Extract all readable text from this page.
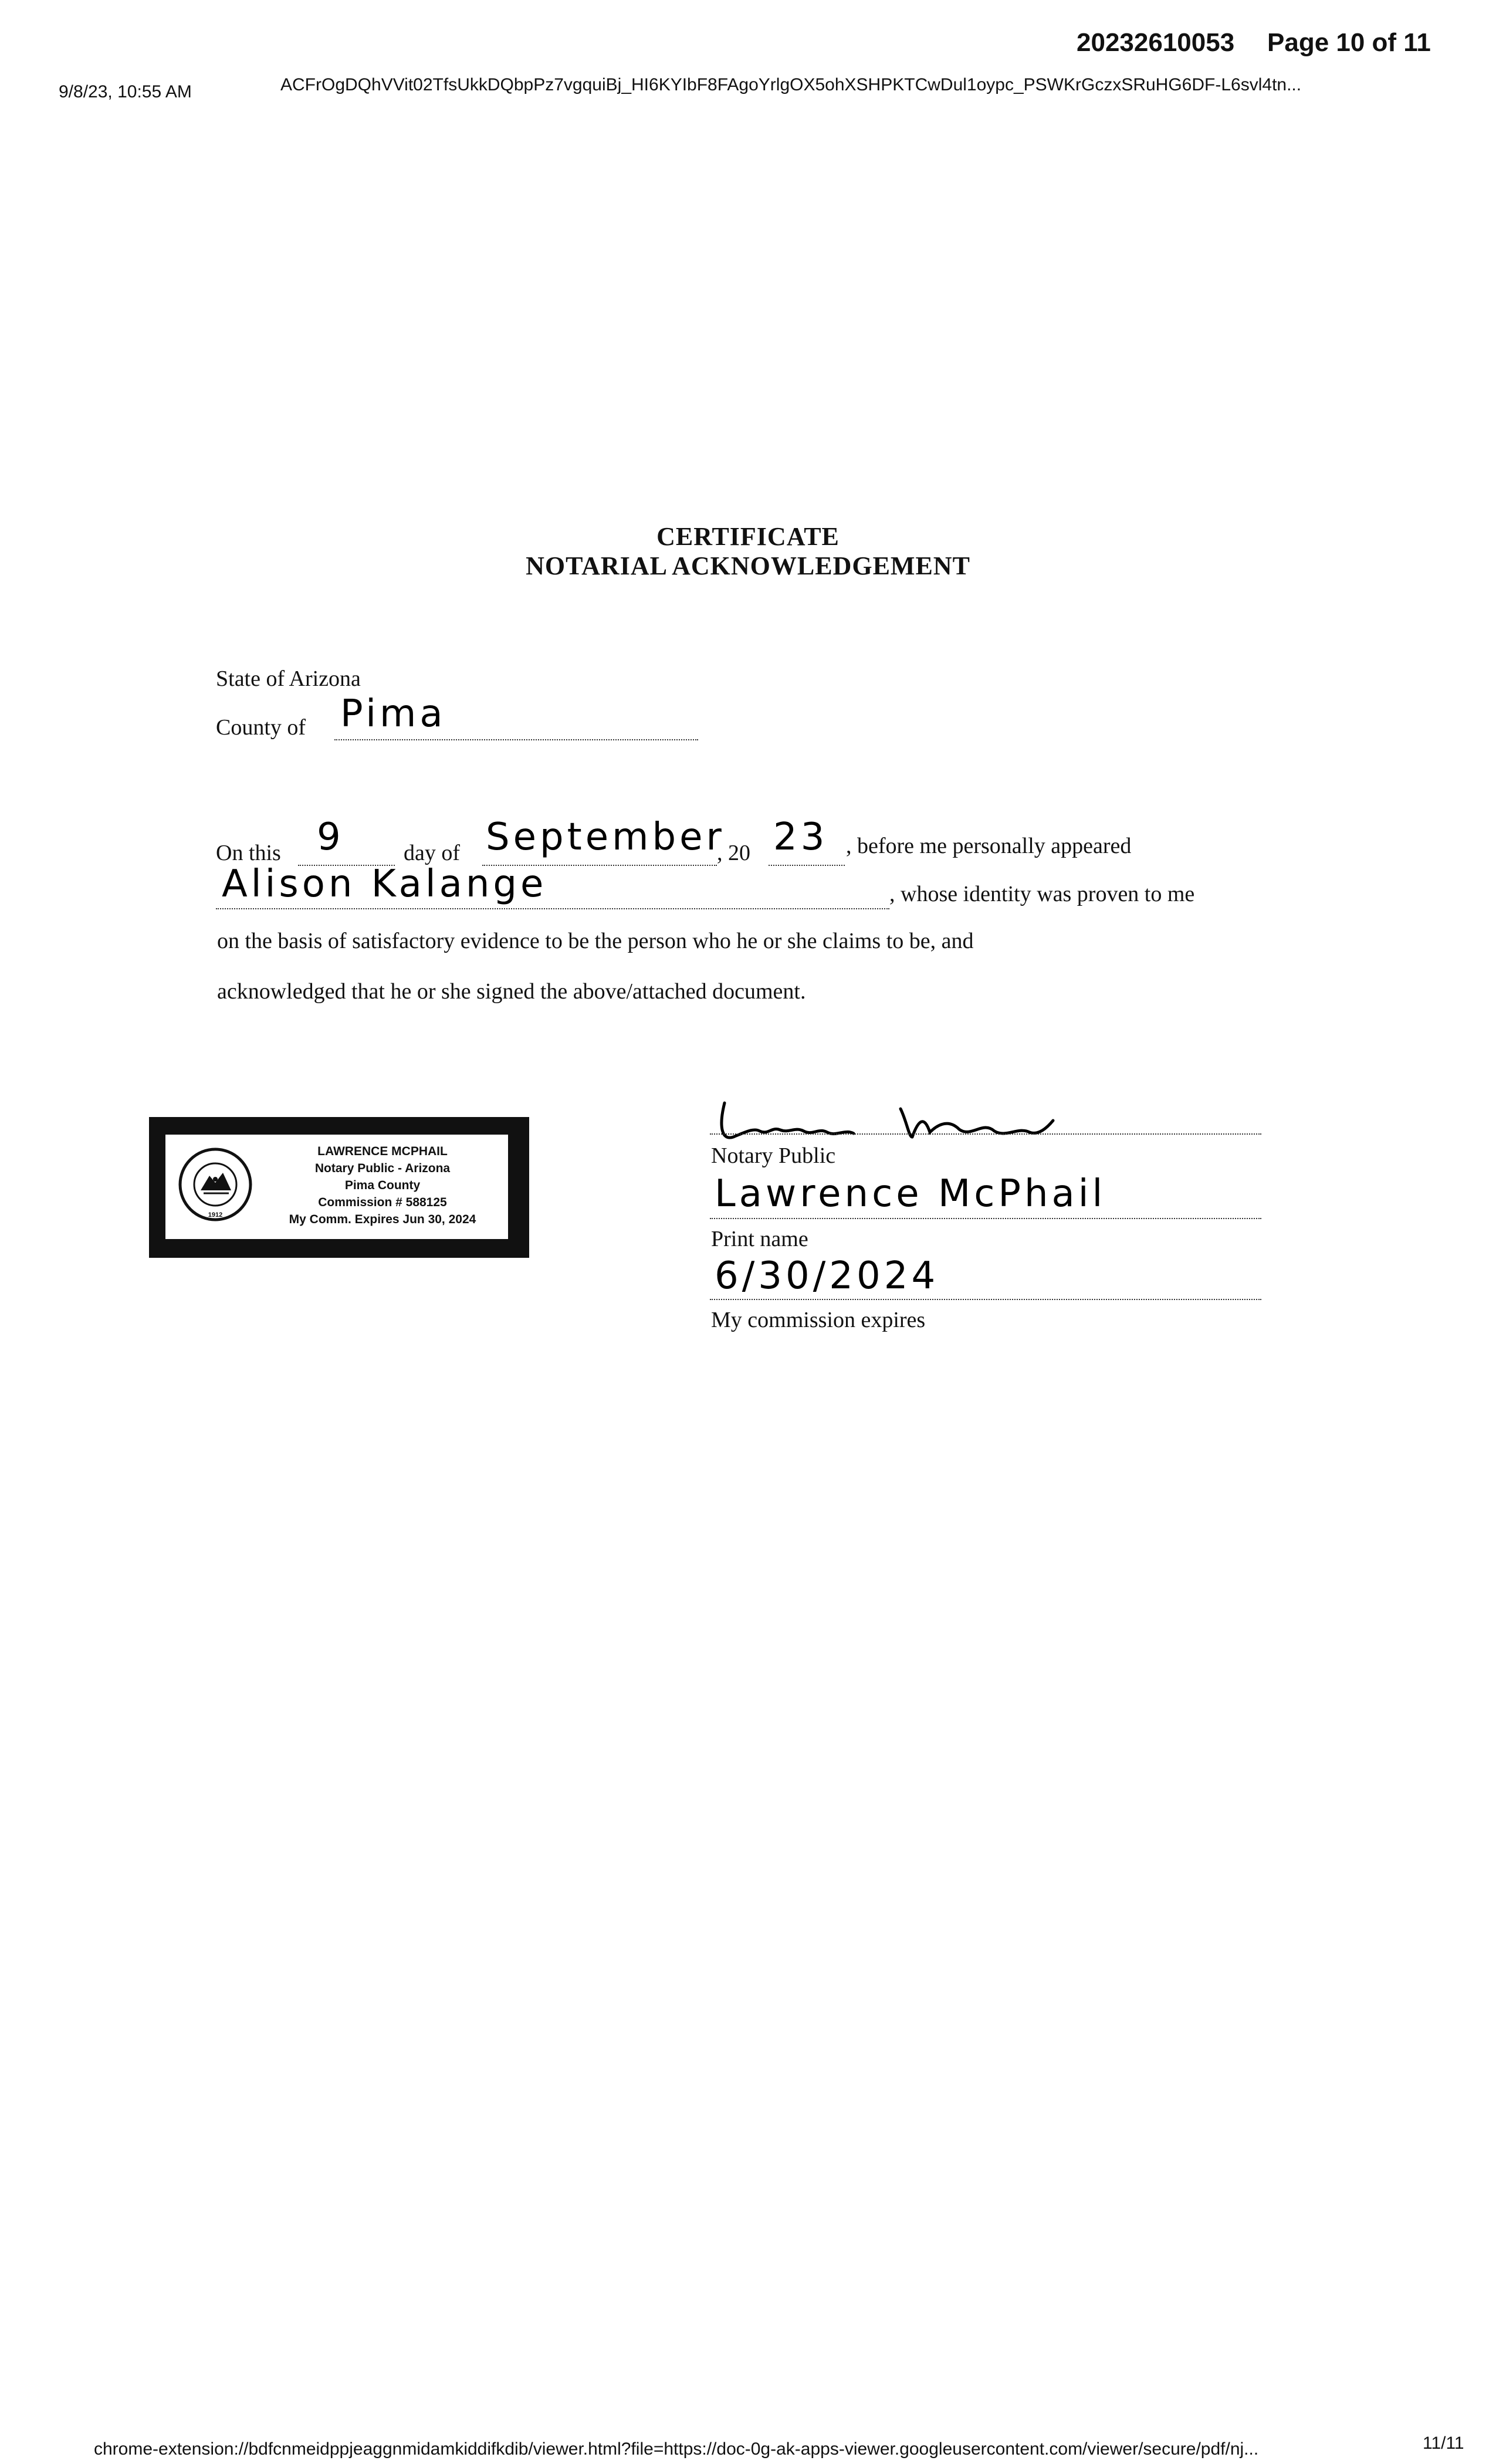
20232610053 Page 10 of 11
9/8/23, 10:55 AM	ACFrOgDQhVVit02TfsUkkDQbpPz7vgquiBj_HI6KYIbF8FAgoYrlgOX5ohXSHPKTCwDul1oypc_PSWKrGczxSRuHG6DF-L6svl4tn...
CERTIFICATE
NOTARIAL ACKNOWLEDGEMENT
State of Arizona
County of Pima
On this 9	day of September
, 20 23 , before me personally appeared
Alison Kalange	, whose identity was proven to me
on the basis of satisfactory evidence to be the person who he or she claims to be, and
acknowledged that he or she signed the above/attached document.
1912
LAWRENCE MCPHAIL
Notary Public - Arizona
Pima County
Commission # 588125
My Comm. Expires Jun 30, 2024
Notary Public
Lawrence McPhail
Print name
6/30/2024
My commission expires
chrome-extension://bdfcnmeidppjeaggnmidamkiddifkdib/viewer.html?file=https://doc-0g-ak-apps-viewer.googleusercontent.com/viewer/secure/pdf/nj...	11/11
